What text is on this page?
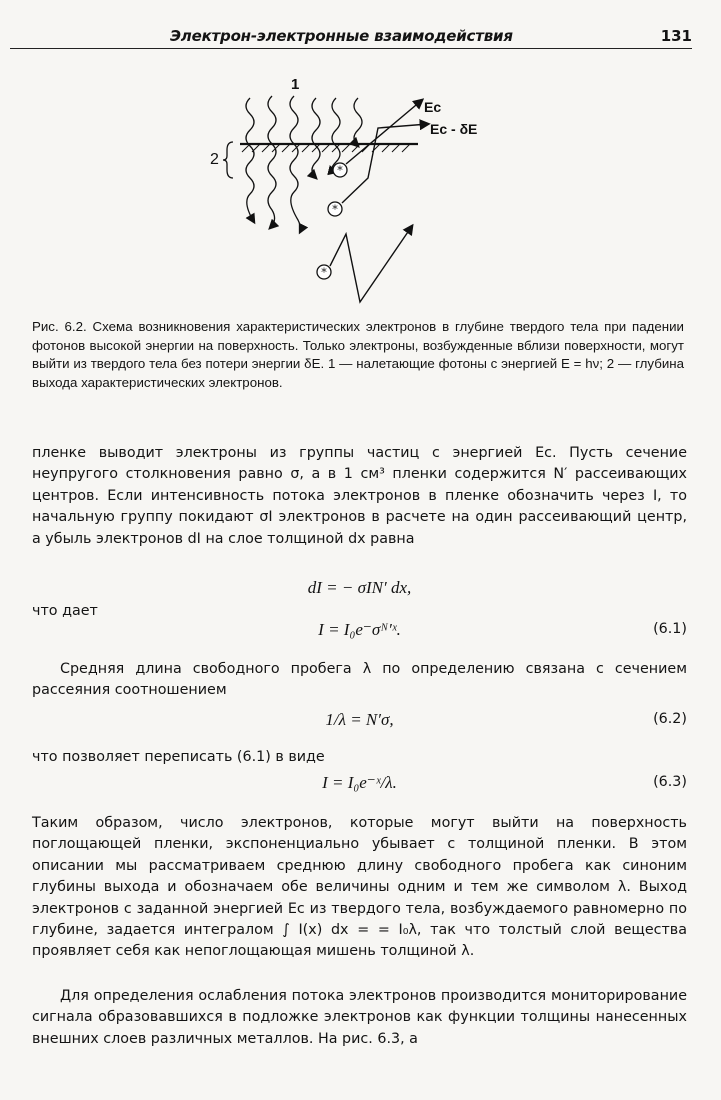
Электрон-электронные взаимодействия	131
*
*
*
1
2
Eс
Eс - δE
Рис. 6.2. Схема возникновения характеристических электронов в глубине твердого тела при падении фотонов высокой энергии на поверхность. Только электроны, возбужденные вблизи поверхности, могут выйти из твердого тела без потери энергии δE. 1 — налетающие фотоны с энергией E = hν; 2 — глубина выхода характеристических электронов.
пленке выводит электроны из группы частиц с энергией Eс. Пусть сечение неупругого столкновения равно σ, а в 1 см³ пленки содержится N′ рассеивающих центров. Если интенсивность потока электронов в пленке обозначить через I, то начальную группу покидают σI электронов в расчете на один рассеивающий центр, а убыль электронов dI на слое толщиной dx равна
dI = − σIN′ dx,
что дает
I = I₀e⁻σᴺ′ˣ.	(6.1)
Средняя длина свободного пробега λ по определению связана с сечением рассеяния соотношением
1/λ = N′σ,	(6.2)
что позволяет переписать (6.1) в виде
I = I₀e⁻ˣ/λ.	(6.3)
Таким образом, число электронов, которые могут выйти на поверхность поглощающей пленки, экспоненциально убывает с толщиной пленки. В этом описании мы рассматриваем среднюю длину свободного пробега как синоним глубины выхода и обозначаем обе величины одним и тем же символом λ. Выход электронов с заданной энергией Eс из твердого тела, возбуждаемого равномерно по глубине, задается интегралом ∫ I(x) dx = = I₀λ, так что толстый слой вещества проявляет себя как непоглощающая мишень толщиной λ.
Для определения ослабления потока электронов производится мониторирование сигнала образовавшихся в подложке электронов как функции толщины нанесенных внешних слоев различных металлов. На рис. 6.3, а
